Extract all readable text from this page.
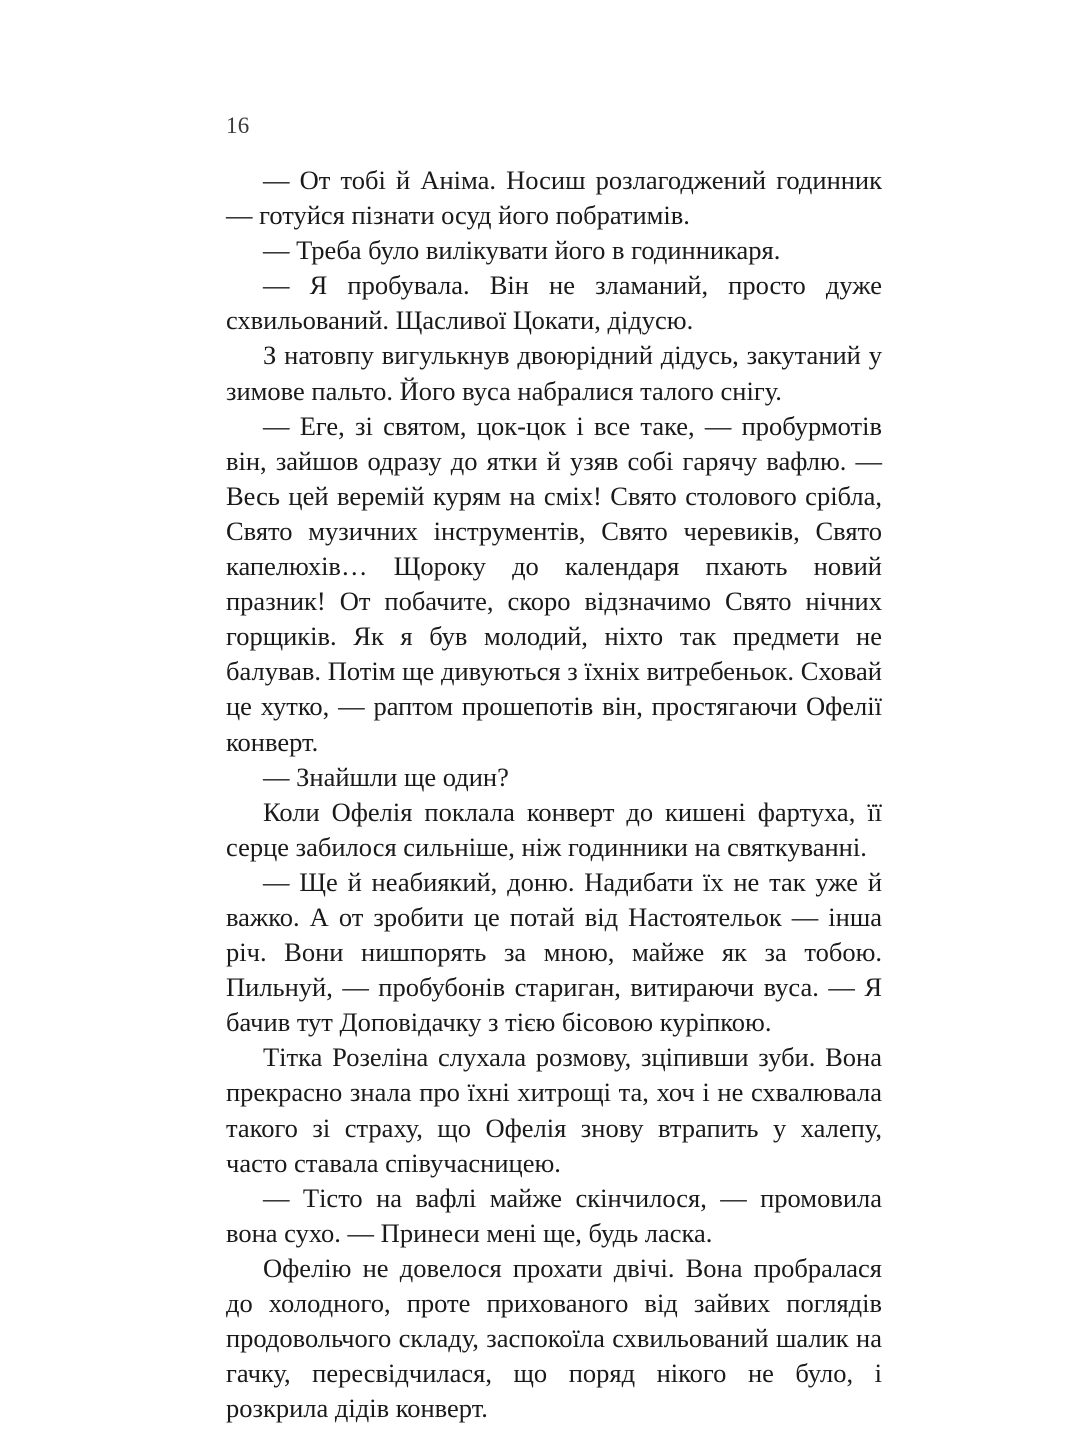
16

— От тобі й Аніма. Носиш розлагоджений годинник — готуйся пізнати осуд його побратимів.

— Треба було вилікувати його в годинникаря.

— Я пробувала. Він не зламаний, просто дуже схвильований. Щасливої Цокати, дідусю.

З натовпу вигулькнув двоюрідний дідусь, закутаний у зимове пальто. Його вуса набралися талого снігу.

— Еге, зі святом, цок-цок і все таке, — пробурмотів він, зайшов одразу до ятки й узяв собі гарячу вафлю. — Весь цей веремій курям на сміх! Свято столового срібла, Свято музичних інструментів, Свято черевиків, Свято капелюхів… Щороку до календаря пхають новий празник! От побачите, скоро відзначимо Свято нічних горщиків. Як я був молодий, ніхто так предмети не балував. Потім ще дивуються з їхніх витребеньок. Сховай це хутко, — раптом прошепотів він, простягаючи Офелії конверт.

— Знайшли ще один?

Коли Офелія поклала конверт до кишені фартуха, її серце забилося сильніше, ніж годинники на святкуванні.

— Ще й неабиякий, доню. Надибати їх не так уже й важко. А от зробити це потай від Настоятельок — інша річ. Вони нишпорять за мною, майже як за тобою. Пильнуй, — пробубонів стариган, витираючи вуса. — Я бачив тут Доповідачку з тією бісовою куріпкою.

Тітка Розеліна слухала розмову, зціпивши зуби. Вона прекрасно знала про їхні хитрощі та, хоч і не схвалювала такого зі страху, що Офелія знову втрапить у халепу, часто ставала співучасницею.

— Тісто на вафлі майже скінчилося, — промовила вона сухо. — Принеси мені ще, будь ласка.

Офелію не довелося прохати двічі. Вона пробралася до холодного, проте прихованого від зайвих поглядів продовольчого складу, заспокоїла схвильований шалик на гачку, пересвідчилася, що поряд нікого не було, і розкрила дідів конверт.
